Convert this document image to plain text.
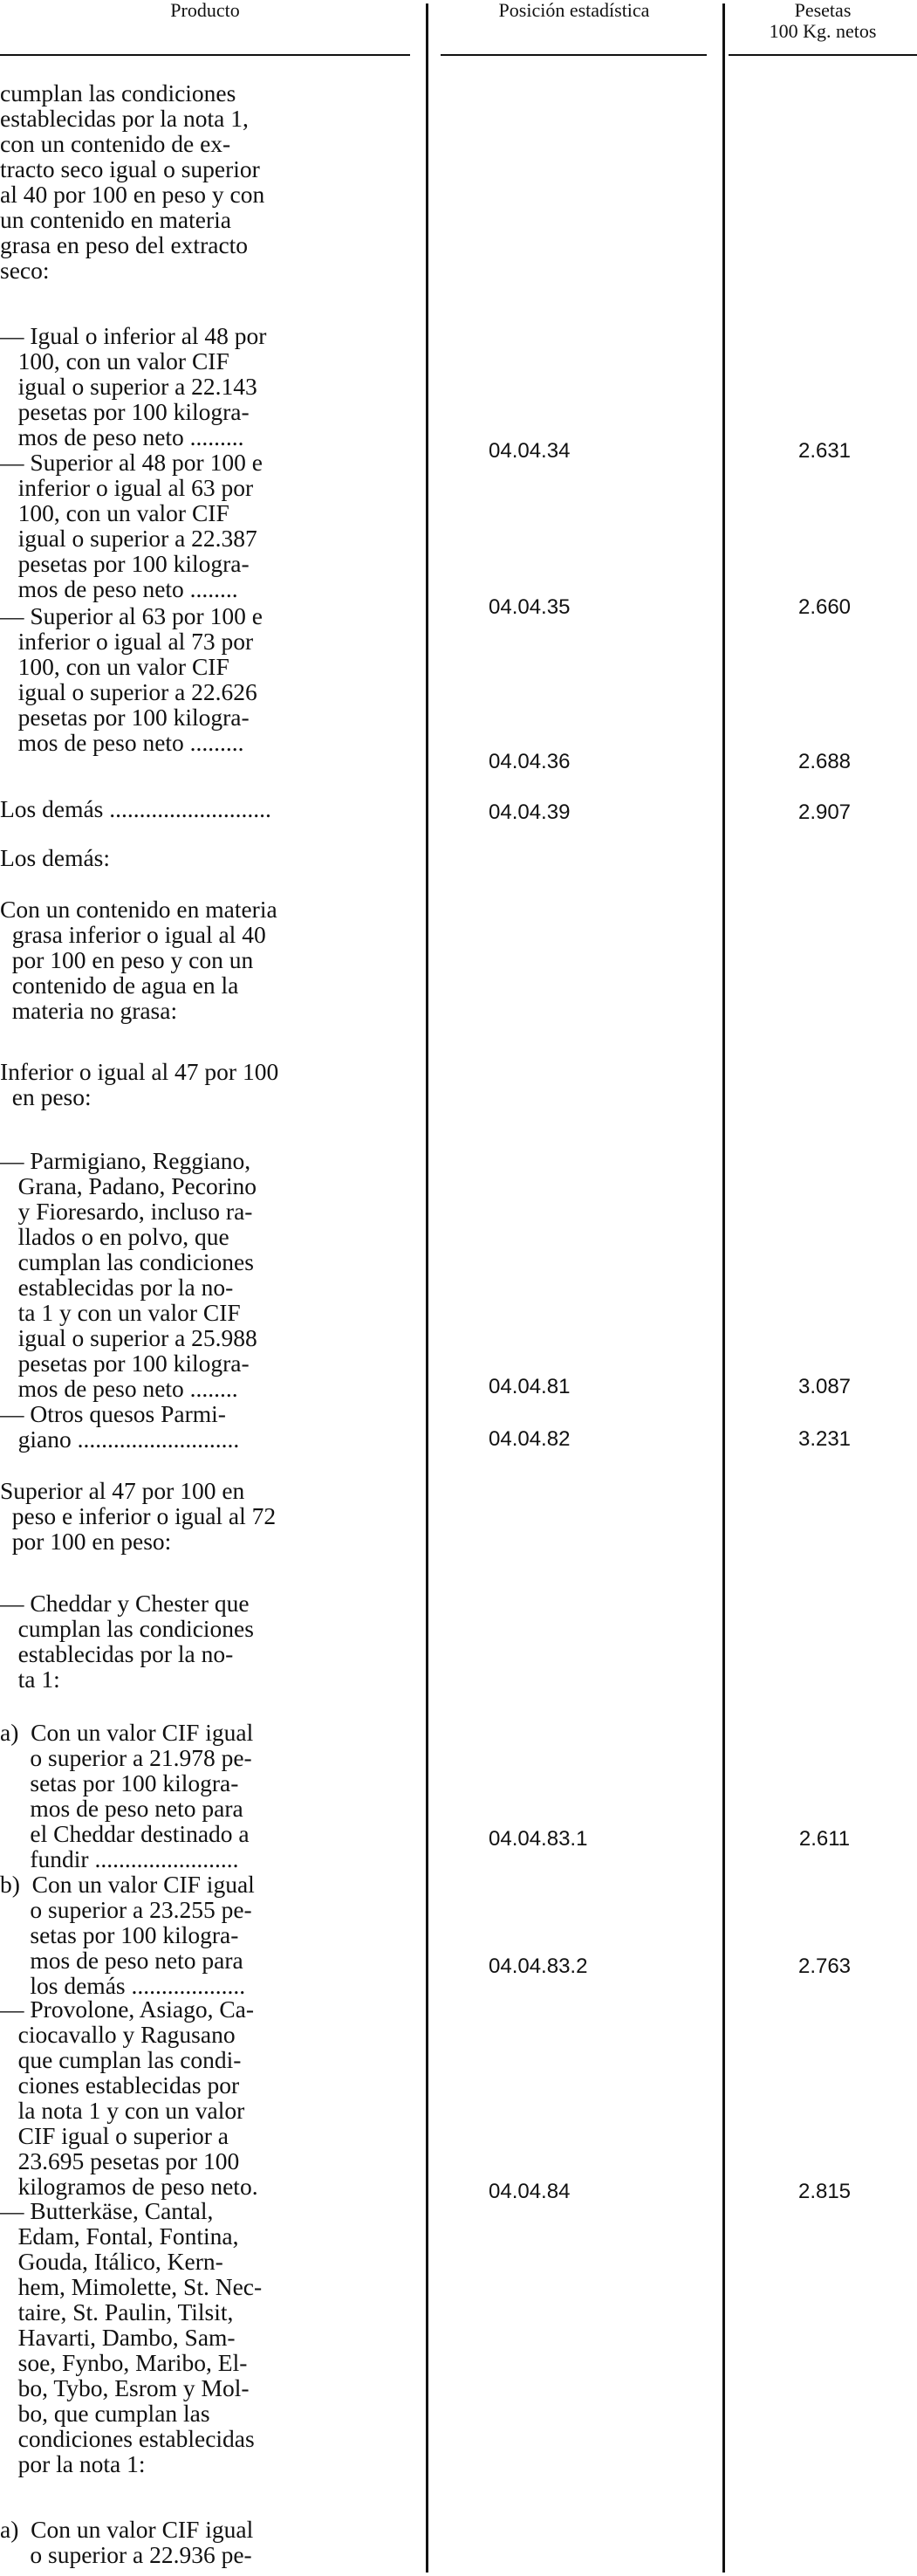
Producto	Posición estadística	Pesetas
100 Kg. netos
cumplan las condiciones
establecidas por la nota 1,
con un contenido de ex-
tracto seco igual o superior
al 40 por 100 en peso y con
un contenido en materia
grasa en peso del extracto
seco:
— Igual o inferior al 48 por
100, con un valor CIF
igual o superior a 22.143
pesetas por 100 kilogra-
mos de peso neto .........
04.04.34	2.631
— Superior al 48 por 100 e
inferior o igual al 63 por
100, con un valor CIF
igual o superior a 22.387
pesetas por 100 kilogra-
mos de peso neto ........
04.04.35	2.660
— Superior al 63 por 100 e
inferior o igual al 73 por
100, con un valor CIF
igual o superior a 22.626
pesetas por 100 kilogra-
mos de peso neto .........
04.04.36	2.688
Los demás ...........................	04.04.39	2.907
Los demás:
Con un contenido en materia
grasa inferior o igual al 40
por 100 en peso y con un
contenido de agua en la
materia no grasa:
Inferior o igual al 47 por 100
en peso:
— Parmigiano, Reggiano,
Grana, Padano, Pecorino
y Fioresardo, incluso ra-
llados o en polvo, que
cumplan las condiciones
establecidas por la no-
ta 1 y con un valor CIF
igual o superior a 25.988
pesetas por 100 kilogra-
mos de peso neto ........	04.04.81	3.087
— Otros quesos Parmi-
giano ...........................	04.04.82	3.231
Superior al 47 por 100 en
peso e inferior o igual al 72
por 100 en peso:
— Cheddar y Chester que
cumplan las condiciones
establecidas por la no-
ta 1:
a)  Con un valor CIF igual
o superior a 21.978 pe-
setas por 100 kilogra-
mos de peso neto para
el Cheddar destinado a
fundir ........................
04.04.83.1	2.611
b)  Con un valor CIF igual
o superior a 23.255 pe-
setas por 100 kilogra-
mos de peso neto para
los demás ...................
04.04.83.2	2.763
— Provolone, Asiago, Ca-
ciocavallo y Ragusano
que cumplan las condi-
ciones establecidas por
la nota 1 y con un valor
CIF igual o superior a
23.695 pesetas por 100
kilogramos de peso neto.	04.04.84	2.815
— Butterkäse, Cantal,
Edam, Fontal, Fontina,
Gouda, Itálico, Kern-
hem, Mimolette, St. Nec-
taire, St. Paulin, Tilsit,
Havarti, Dambo, Sam-
soe, Fynbo, Maribo, El-
bo, Tybo, Esrom y Mol-
bo, que cumplan las
condiciones establecidas
por la nota 1:
a)  Con un valor CIF igual
o superior a 22.936 pe-
